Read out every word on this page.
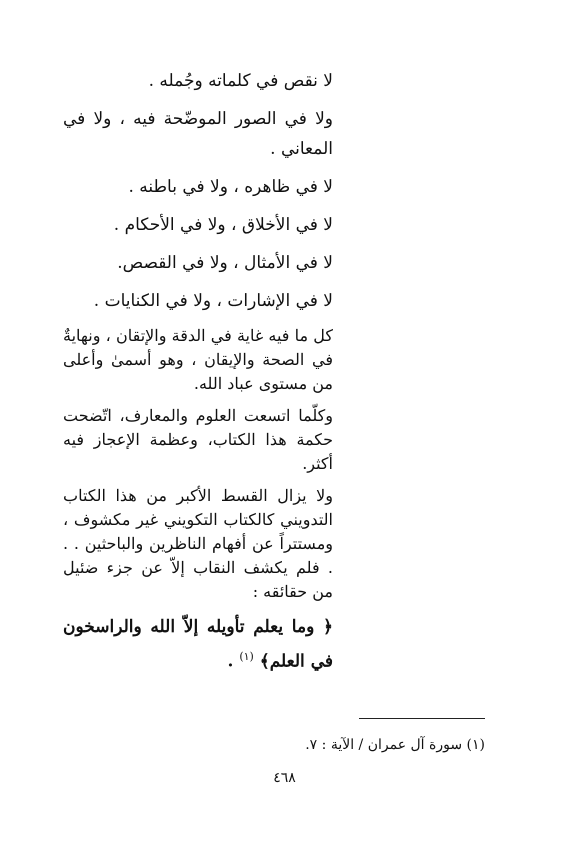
لا نقص في كلماته وجُمله .

ولا في الصور الموضّحة فيه ، ولا في المعاني .

لا في ظاهره ، ولا في باطنه .

لا في الأخلاق ، ولا في الأحكام .

لا في الأمثال ، ولا في القصص.

لا في الإشارات ، ولا في الكنايات .

كل ما فيه غاية في الدقة والإتقان ، ونهايةٌ في الصحة والإيقان ، وهو أسمىٰ وأعلى من مستوى عباد الله.

وكلّما اتسعت العلوم والمعارف، اتّضحت حكمة هذا الكتاب، وعظمة الإعجاز فيه أكثر.

ولا يزال القسط الأكبر من هذا الكتاب التدويني كالكتاب التكويني غير مكشوف ، ومستتراً عن أفهام الناظرين والباحثين . . . فلم يكشف النقاب إلاّ عن جزء ضئيل من حقائقه :

﴿ وما يعلم تأويله إلاّ الله والراسخون في العلم﴾ $^{(١)}$ .

(١) سورة آل عمران / الآية : ٧.
٤٦٨
